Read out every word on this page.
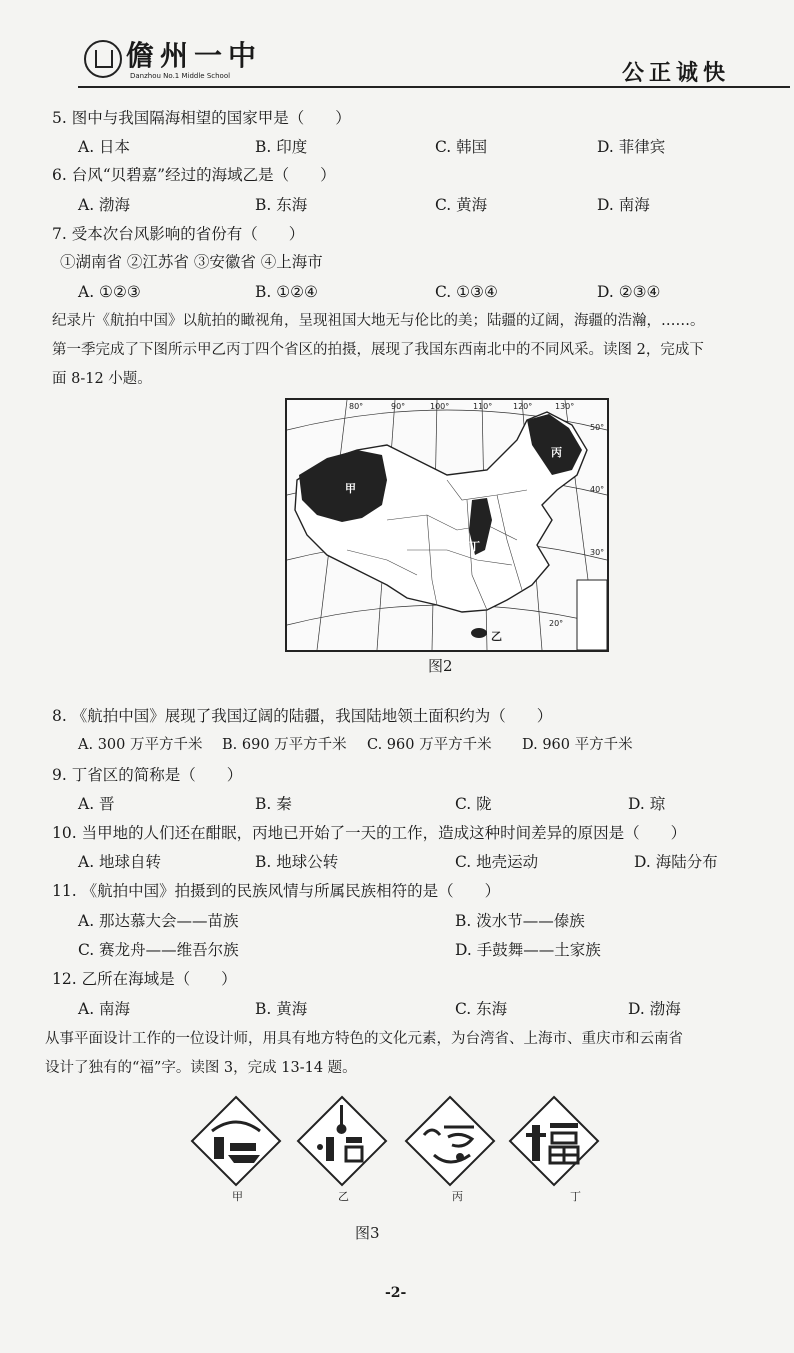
儋州一中
Danzhou No.1 Middle School	公正诚快
5. 图中与我国隔海相望的国家甲是（　　）
A. 日本	B. 印度	C. 韩国	D. 菲律宾
6. 台风“贝碧嘉”经过的海域乙是（　　）
A. 渤海	B. 东海	C. 黄海	D. 南海
7. 受本次台风影响的省份有（　　）
①湖南省 ②江苏省 ③安徽省 ④上海市
A. ①②③	B. ①②④	C. ①③④	D. ②③④
纪录片《航拍中国》以航拍的瞰视角，呈现祖国大地无与伦比的美；陆疆的辽阔，海疆的浩瀚，……。
第一季完成了下图所示甲乙丙丁四个省区的拍摄，展现了我国东西南北中的不同风采。读图 2，完成下
面 8-12 小题。
80°	90°	100°	110°	120°	130°
50°
40°
30°
20°
甲
丙
丁
乙
图2
8. 《航拍中国》展现了我国辽阔的陆疆，我国陆地领土面积约为（　　）
A. 300 万平方千米 B. 690 万平方千米 C. 960 万平方千米 D. 960 平方千米
9. 丁省区的简称是（　　）
A. 晋	B. 秦	C. 陇	D. 琼
10. 当甲地的人们还在酣眠，丙地已开始了一天的工作，造成这种时间差异的原因是（　　）
A. 地球自转	B. 地球公转	C. 地壳运动	D. 海陆分布
11. 《航拍中国》拍摄到的民族风情与所属民族相符的是（　　）
A. 那达慕大会——苗族	B. 泼水节——傣族
C. 赛龙舟——维吾尔族	D. 手鼓舞——土家族
12. 乙所在海域是（　　）
A. 南海	B. 黄海	C. 东海	D. 渤海
从事平面设计工作的一位设计师，用具有地方特色的文化元素，为台湾省、上海市、重庆市和云南省
设计了独有的“福”字。读图 3，完成 13-14 题。
甲	乙	丙	丁
图3
-2-
